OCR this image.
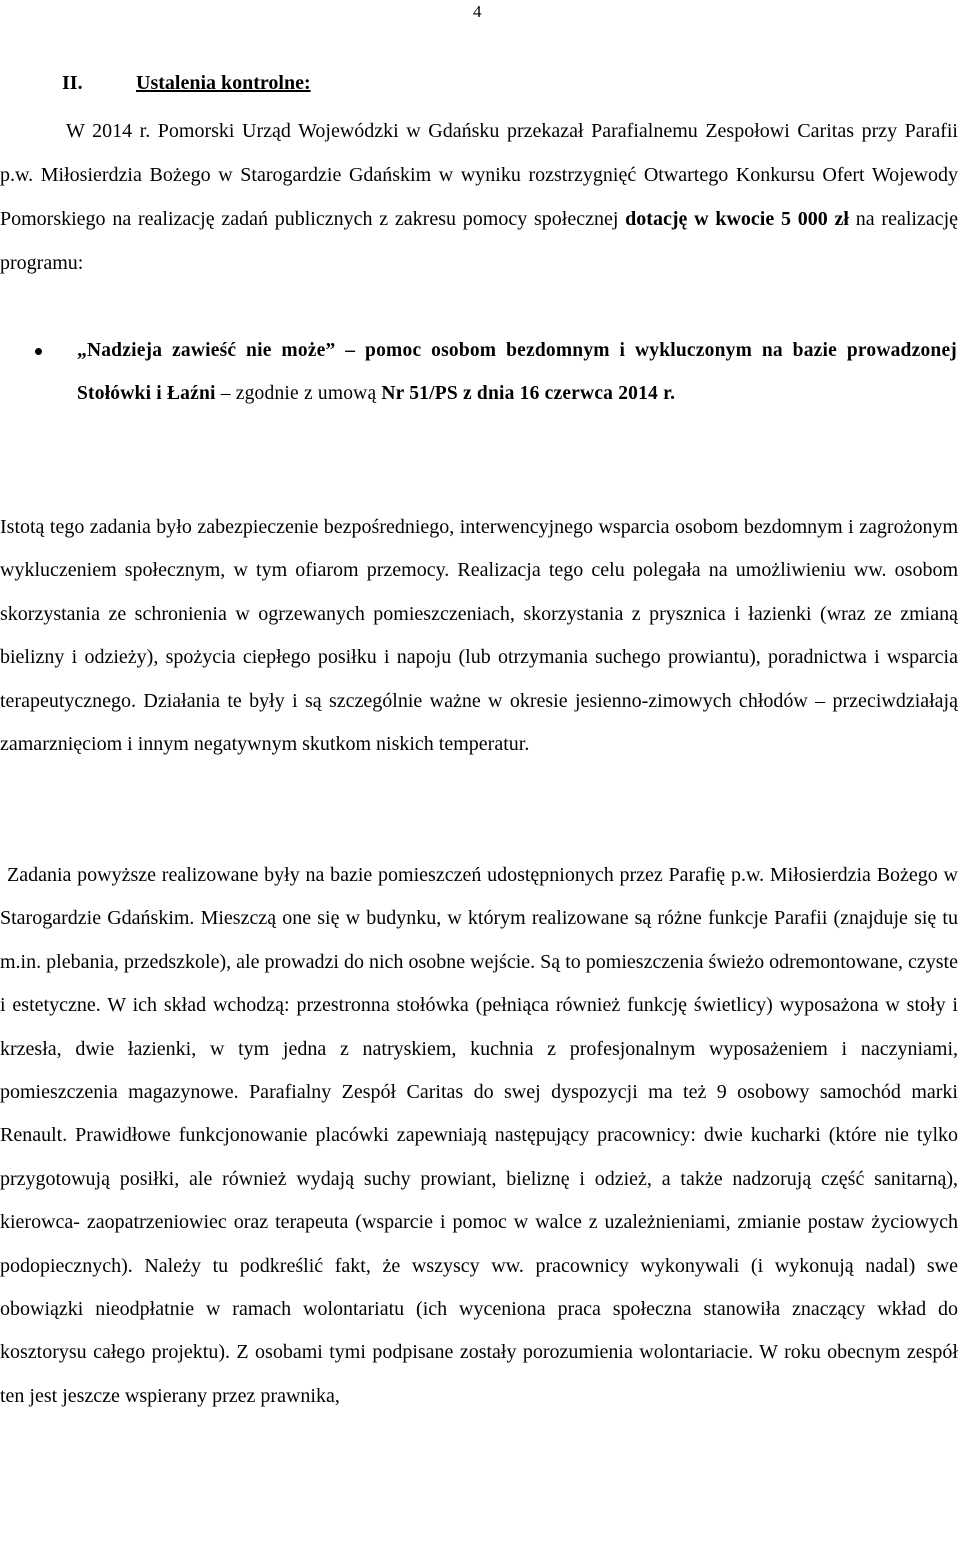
4
II.	Ustalenia kontrolne:

W 2014 r. Pomorski Urząd Wojewódzki w Gdańsku przekazał Parafialnemu Zespołowi Caritas przy Parafii p.w. Miłosierdzia Bożego w Starogardzie Gdańskim w wyniku rozstrzygnięć Otwartego Konkursu Ofert Wojewody Pomorskiego na realizację zadań publicznych z zakresu pomocy społecznej dotację w kwocie 5 000 zł na realizację programu:

„Nadzieja zawieść nie może” – pomoc osobom bezdomnym i wykluczonym na bazie prowadzonej Stołówki i Łaźni – zgodnie z umową Nr 51/PS z dnia 16 czerwca 2014 r.

Istotą tego zadania było zabezpieczenie bezpośredniego, interwencyjnego wsparcia osobom bezdomnym i zagrożonym wykluczeniem społecznym, w tym ofiarom przemocy. Realizacja tego celu polegała na umożliwieniu ww. osobom skorzystania ze schronienia w ogrzewanych pomieszczeniach, skorzystania z prysznica i łazienki (wraz ze zmianą bielizny i odzieży), spożycia ciepłego posiłku i napoju (lub otrzymania suchego prowiantu), poradnictwa i wsparcia terapeutycznego. Działania te były i są szczególnie ważne w okresie jesienno-zimowych chłodów – przeciwdziałają zamarznięciom i innym negatywnym skutkom niskich temperatur.

Zadania powyższe realizowane były na bazie pomieszczeń udostępnionych przez Parafię p.w. Miłosierdzia Bożego w Starogardzie Gdańskim. Mieszczą one się w budynku, w którym realizowane są różne funkcje Parafii (znajduje się tu m.in. plebania, przedszkole), ale prowadzi do nich osobne wejście. Są to pomieszczenia świeżo odremontowane, czyste i estetyczne. W ich skład wchodzą: przestronna stołówka (pełniąca również funkcję świetlicy) wyposażona w stoły i krzesła, dwie łazienki, w tym jedna z natryskiem, kuchnia z profesjonalnym wyposażeniem i naczyniami, pomieszczenia magazynowe. Parafialny Zespół Caritas do swej dyspozycji ma też 9 osobowy samochód marki Renault. Prawidłowe funkcjonowanie placówki zapewniają następujący pracownicy: dwie kucharki (które nie tylko przygotowują posiłki, ale również wydają suchy prowiant, bieliznę i odzież, a także nadzorują część sanitarną), kierowca- zaopatrzeniowiec oraz terapeuta (wsparcie i pomoc w walce z uzależnieniami, zmianie postaw życiowych podopiecznych). Należy tu podkreślić fakt, że wszyscy ww. pracownicy wykonywali (i wykonują nadal) swe obowiązki nieodpłatnie w ramach wolontariatu (ich wyceniona praca społeczna stanowiła znaczący wkład do kosztorysu całego projektu). Z osobami tymi podpisane zostały porozumienia wolontariacie. W roku obecnym zespół ten jest jeszcze wspierany przez prawnika,
